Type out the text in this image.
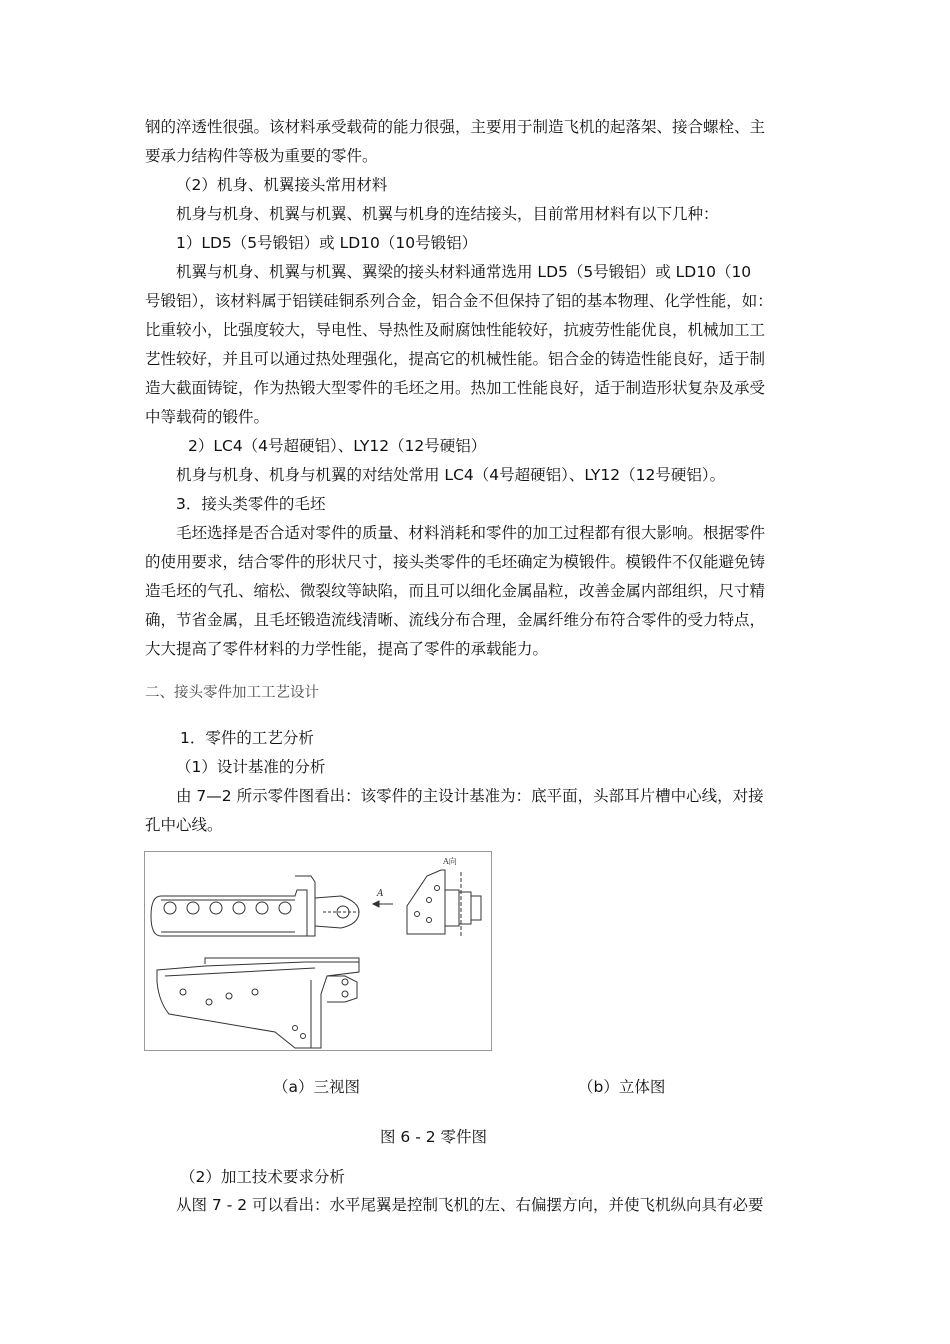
钢的淬透性很强。该材料承受载荷的能力很强，主要用于制造飞机的起落架、接合螺栓、主
要承力结构件等极为重要的零件。
（2）机身、机翼接头常用材料
机身与机身、机翼与机翼、机翼与机身的连结接头，目前常用材料有以下几种：
1）LD5（5号锻铝）或 LD10（10号锻铝）
机翼与机身、机翼与机翼、翼梁的接头材料通常选用 LD5（5号锻铝）或 LD10（10
号锻铝），该材料属于铝镁硅铜系列合金，铝合金不但保持了铝的基本物理、化学性能，如：
比重较小，比强度较大，导电性、导热性及耐腐蚀性能较好，抗疲劳性能优良，机械加工工
艺性较好，并且可以通过热处理强化，提高它的机械性能。铝合金的铸造性能良好，适于制
造大截面铸锭，作为热锻大型零件的毛坯之用。热加工性能良好，适于制造形状复杂及承受
中等载荷的锻件。
2）LC4（4号超硬铝）、LY12（12号硬铝）
机身与机身、机身与机翼的对结处常用 LC4（4号超硬铝）、LY12（12号硬铝）。
3．接头类零件的毛坯
毛坯选择是否合适对零件的质量、材料消耗和零件的加工过程都有很大影响。根据零件
的使用要求，结合零件的形状尺寸，接头类零件的毛坯确定为模锻件。模锻件不仅能避免铸
造毛坯的气孔、缩松、微裂纹等缺陷，而且可以细化金属晶粒，改善金属内部组织，尺寸精
确，节省金属，且毛坯锻造流线清晰、流线分布合理，金属纤维分布符合零件的受力特点，
大大提高了零件材料的力学性能，提高了零件的承载能力。
二、接头零件加工工艺设计
1．零件的工艺分析
（1）设计基准的分析
由 7—2 所示零件图看出：该零件的主设计基准为：底平面，头部耳片槽中心线，对接
孔中心线。
A
A向
（a）三视图	（b）立体图
图 6 - 2 零件图
（2）加工技术要求分析
从图 7 - 2 可以看出：水平尾翼是控制飞机的左、右偏摆方向，并使飞机纵向具有必要
